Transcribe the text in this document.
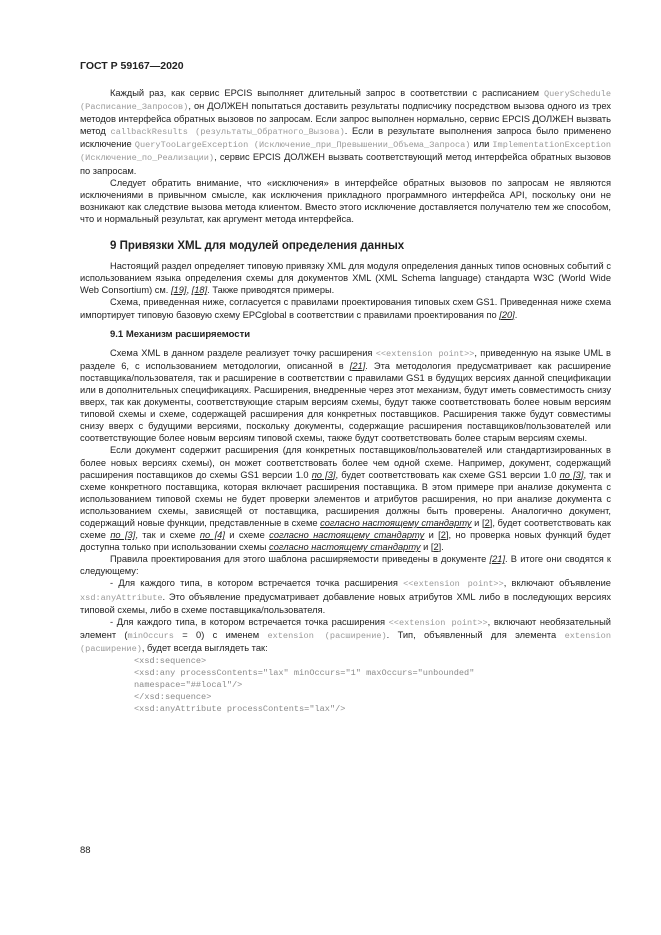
ГОСТ Р 59167—2020

Каждый раз, как сервис EPCIS выполняет длительный запрос в соответствии с расписанием QuerySchedule (Расписание_Запросов), он ДОЛЖЕН попытаться доставить результаты подписчику посредством вызова одного из трех методов интерфейса обратных вызовов по запросам. Если запрос выполнен нормально, сервис EPCIS ДОЛЖЕН вызвать метод callbackResults (результаты_Обратного_Вызова). Если в результате выполнения запроса было применено исключение QueryTooLargeException (Исключение_при_Превышении_Объема_Запроса) или ImplementationException (Исключение_по_Реализации), сервис EPCIS ДОЛЖЕН вызвать соответствующий метод интерфейса обратных вызовов по запросам.

Следует обратить внимание, что «исключения» в интерфейсе обратных вызовов по запросам не являются исключениями в привычном смысле, как исключения прикладного программного интерфейса API, поскольку они не возникают как следствие вызова метода клиентом. Вместо этого исключение доставляется получателю тем же способом, что и нормальный результат, как аргумент метода интерфейса.

9 Привязки XML для модулей определения данных

Настоящий раздел определяет типовую привязку XML для модуля определения данных типов основных событий с использованием языка определения схемы для документов XML (XML Schema language) стандарта W3C (World Wide Web Consortium) см. [19], [18]. Также приводятся примеры.

Схема, приведенная ниже, согласуется с правилами проектирования типовых схем GS1. Приведенная ниже схема импортирует типовую базовую схему EPCglobal в соответствии с правилами проектирования по [20].

9.1 Механизм расширяемости

Схема XML в данном разделе реализует точку расширения <<extension point>>, приведенную на языке UML в разделе 6, с использованием методологии, описанной в [21]. Эта методология предусматривает как расширение поставщика/пользователя, так и расширение в соответствии с правилами GS1 в будущих версиях данной спецификации или в дополнительных спецификациях. Расширения, внедренные через этот механизм, будут иметь совместимость снизу вверх, так как документы, соответствующие старым версиям схемы, будут также соответствовать более новым версиям типовой схемы и схеме, содержащей расширения для конкретных поставщиков. Расширения также будут совместимы снизу вверх с будущими версиями, поскольку документы, содержащие расширения поставщиков/пользователей или соответствующие более новым версиям типовой схемы, также будут соответствовать более старым версиям схемы.

Если документ содержит расширения (для конкретных поставщиков/пользователей или стандартизированных в более новых версиях схемы), он может соответствовать более чем одной схеме. Например, документ, содержащий расширения поставщиков до схемы GS1 версии 1.0 по [3], будет соответствовать как схеме GS1 версии 1.0 по [3], так и схеме конкретного поставщика, которая включает расширения поставщика. В этом примере при анализе документа с использованием типовой схемы не будет проверки элементов и атрибутов расширения, но при анализе документа с использованием схемы, зависящей от поставщика, расширения должны быть проверены. Аналогично документ, содержащий новые функции, представленные в схеме согласно настоящему стандарту и [2], будет соответствовать как схеме по [3], так и схеме по [4] и схеме согласно настоящему стандарту и [2], но проверка новых функций будет доступна только при использовании схемы согласно настоящему стандарту и [2].

Правила проектирования для этого шаблона расширяемости приведены в документе [21]. В итоге они сводятся к следующему:

- Для каждого типа, в котором встречается точка расширения <<extension point>>, включают объявление xsd:anyAttribute. Это объявление предусматривает добавление новых атрибутов XML либо в последующих версиях типовой схемы, либо в схеме поставщика/пользователя.

- Для каждого типа, в котором встречается точка расширения <<extension point>>, включают необязательный элемент (minOccurs = 0) с именем extension (расширение). Тип, объявленный для элемента extension (расширение), будет всегда выглядеть так:

<xsd:sequence>
<xsd:any processContents="lax" minOccurs="1" maxOccurs="unbounded"
namespace="##local"/>
</xsd:sequence>
<xsd:anyAttribute processContents="lax"/>
88
